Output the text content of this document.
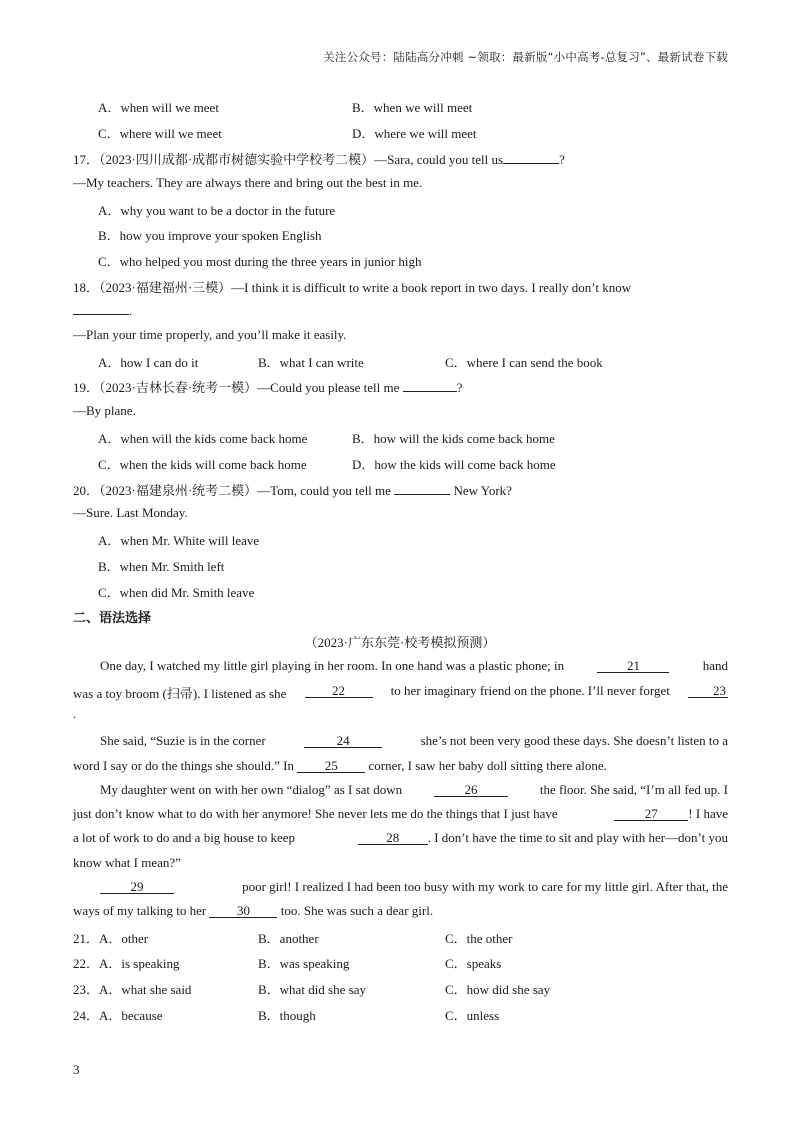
关注公众号：陆陆高分冲刺 ~领取：最新版“小中高考-总复习”、最新试卷下载
A．when will we meet	B．when we will meet
C．where will we meet	D．where we will meet
17．（2023·四川成都·成都市树德实验中学校考二模）—Sara, could you tell us	?
—My teachers. They are always there and bring out the best in me.
A．why you want to be a doctor in the future
B．how you improve your spoken English
C．who helped you most during the three years in junior high
18．（2023·福建福州·三模）—I think it is difficult to write a book report in two days. I really don’t know
.
—Plan your time properly, and you’ll make it easily.
A．how I can do it	B．what I can write	C．where I can send the book
19．（2023·吉林长春·统考一模）—Could you please tell me	?
—By plane.
A．when will the kids come back home	B．how will the kids come back home
C．when the kids will come back home	D．how the kids will come back home
20．（2023·福建泉州·统考二模）—Tom, could you tell me	New York?
—Sure. Last Monday.
A．when Mr. White will leave
B．when Mr. Smith left
C．when did Mr. Smith leave
二、语法选择
（2023·广东东莞·校考模拟预测）
One day, I watched my little girl playing in her room. In one hand was a plastic phone; in	21	hand
was a toy broom (扫帚). I listened as she	22	to her imaginary friend on the phone. I’ll never forget	23
.
She said, “Suzie is in the corner	24	she’s not been very good these days. She doesn’t listen to a
word I say or do the things she should.” In 25 corner, I saw her baby doll sitting there alone.
My daughter went on with her own “dialog” as I sat down	26	the floor. She said, “I’m all fed up. I
just don’t know what to do with her anymore! She never lets me do the things that I just have	27 ! I have
a lot of work to do and a big house to keep	28 . I don’t have the time to sit and play with her—don’t you
know what I mean?”
29	poor girl! I realized I had been too busy with my work to care for my little girl. After that, the
ways of my talking to her 30 too. She was such a dear girl.
21．A．other	B．another	C．the other
22．A．is speaking	B．was speaking	C．speaks
23．A．what she said	B．what did she say	C．how did she say
24．A．because	B．though	C．unless
3
